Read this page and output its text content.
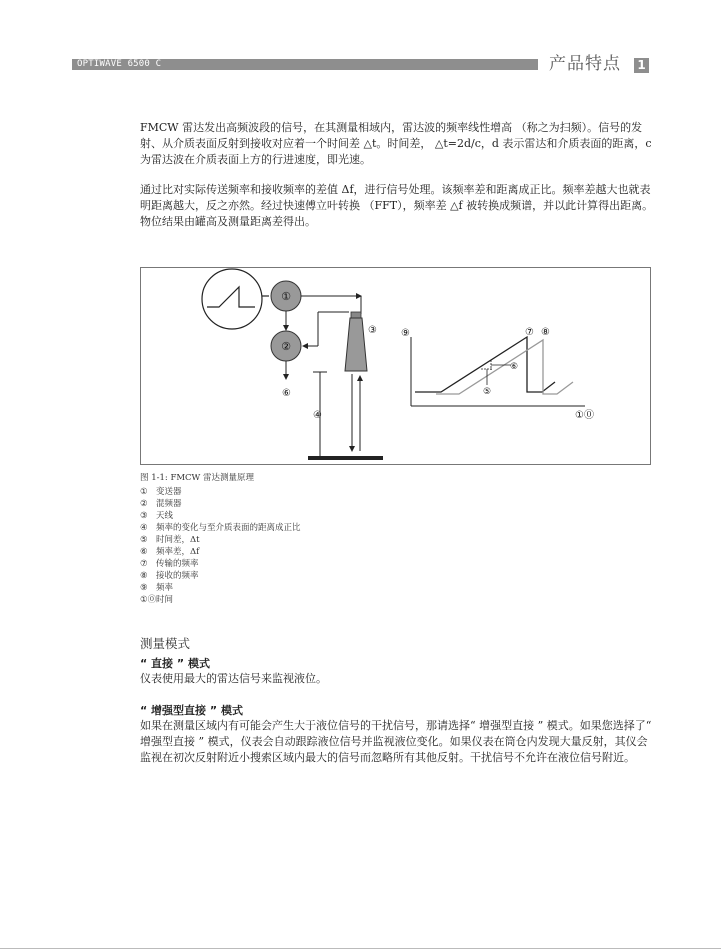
OPTIWAVE 6500 C	产品特点 1
FMCW 雷达发出高频波段的信号，在其测量相域内，雷达波的频率线性增高 （称之为扫频）。信号的发射、从介质表面反射到接收对应着一个时间差 △t。时间差， △t=2d/c，d 表示雷达和介质表面的距离，c 为雷达波在介质表面上方的行进速度，即光速。
通过比对实际传送频率和接收频率的差值 Δf，进行信号处理。该频率差和距离成正比。频率差越大也就表明距离越大，反之亦然。经过快速傅立叶转换 （FFT），频率差 △f 被转换成频谱，并以此计算得出距离。物位结果由罐高及测量距离差得出。
①
②
⑥
③
④
⑨
①⓪
⑦ ⑧
⑥
⑤
图 1-1: FMCW 雷达测量原理
① 变送器
② 混频器
③ 天线
④ 频率的变化与至介质表面的距离成正比
⑤ 时间差，Δt
⑥ 频率差，Δf
⑦ 传输的频率
⑧ 接收的频率
⑨ 频率
①⓪时间
测量模式
“ 直接 ” 模式
仪表使用最大的雷达信号来监视液位。
“ 增强型直接 ” 模式
如果在测量区域内有可能会产生大于液位信号的干扰信号，那请选择“ 增强型直接 ” 模式。如果您选择了“ 增强型直接 ” 模式，仪表会自动跟踪液位信号并监视液位变化。如果仪表在筒仓内发现大量反射，其仪会监视在初次反射附近小搜索区域内最大的信号而忽略所有其他反射。干扰信号不允许在液位信号附近。
